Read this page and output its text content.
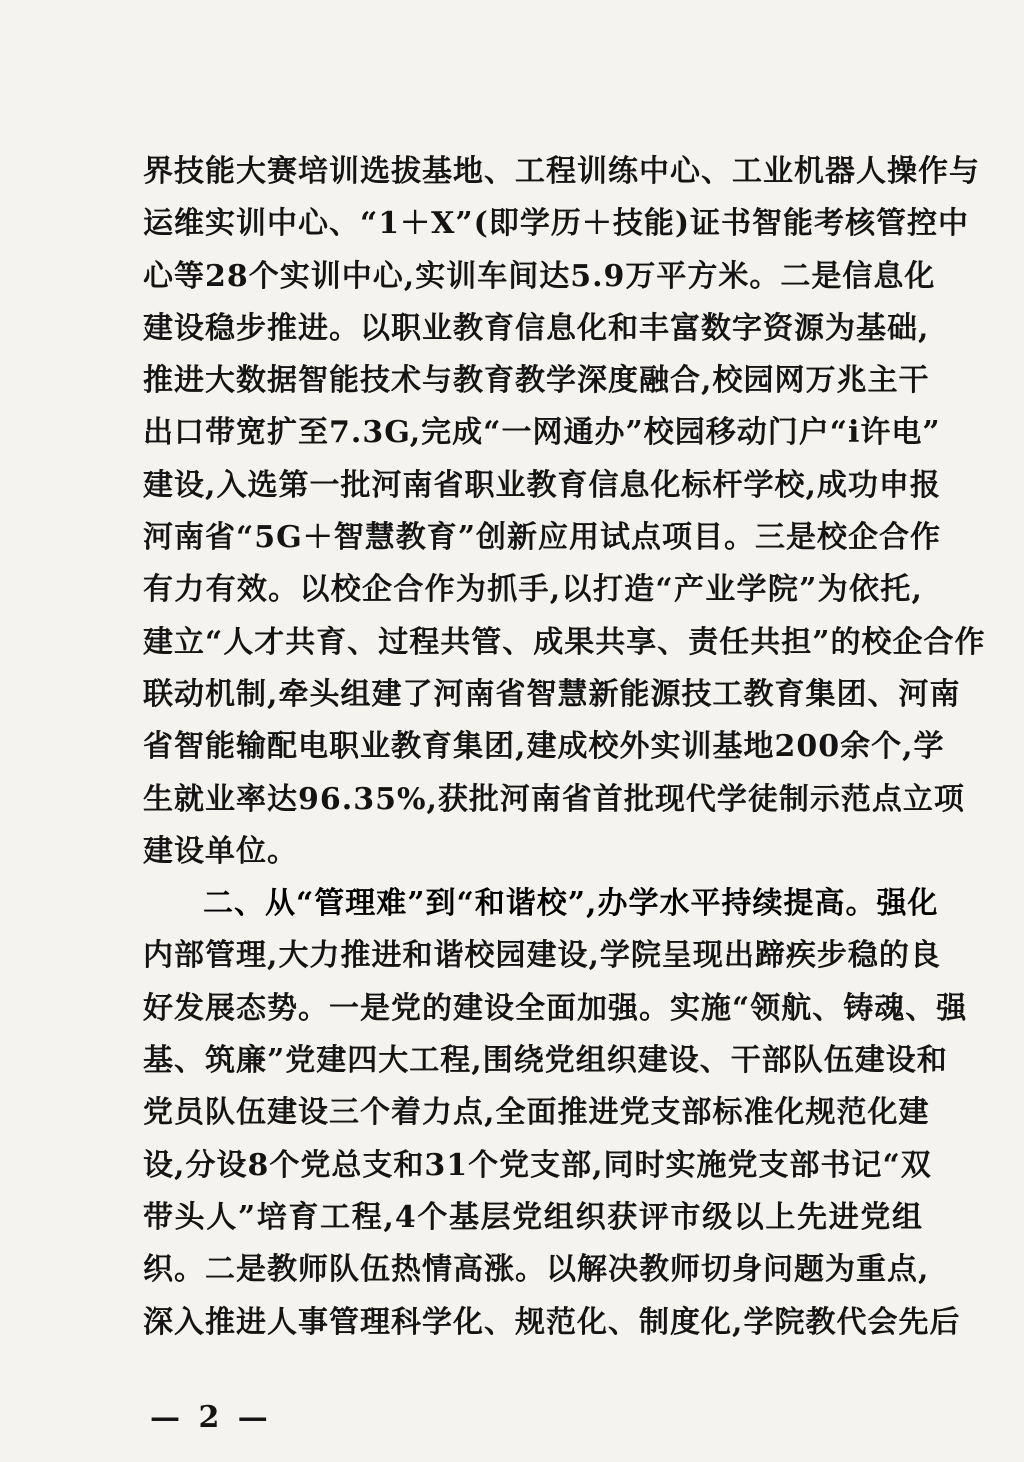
界技能大赛培训选拔基地、工程训练中心、工业机器人操作与
运维实训中心、“1＋X”(即学历＋技能)证书智能考核管控中
心等28个实训中心,实训车间达5.9万平方米。二是信息化
建设稳步推进。以职业教育信息化和丰富数字资源为基础,
推进大数据智能技术与教育教学深度融合,校园网万兆主干
出口带宽扩至7.3G,完成“一网通办”校园移动门户“i许电”
建设,入选第一批河南省职业教育信息化标杆学校,成功申报
河南省“5G＋智慧教育”创新应用试点项目。三是校企合作
有力有效。以校企合作为抓手,以打造“产业学院”为依托,
建立“人才共育、过程共管、成果共享、责任共担”的校企合作
联动机制,牵头组建了河南省智慧新能源技工教育集团、河南
省智能输配电职业教育集团,建成校外实训基地200余个,学
生就业率达96.35%,获批河南省首批现代学徒制示范点立项
建设单位。
二、从“管理难”到“和谐校”,办学水平持续提高。强化
内部管理,大力推进和谐校园建设,学院呈现出蹄疾步稳的良
好发展态势。一是党的建设全面加强。实施“领航、铸魂、强
基、筑廉”党建四大工程,围绕党组织建设、干部队伍建设和
党员队伍建设三个着力点,全面推进党支部标准化规范化建
设,分设8个党总支和31个党支部,同时实施党支部书记“双
带头人”培育工程,4个基层党组织获评市级以上先进党组
织。二是教师队伍热情高涨。以解决教师切身问题为重点,
深入推进人事管理科学化、规范化、制度化,学院教代会先后
— 2 —
